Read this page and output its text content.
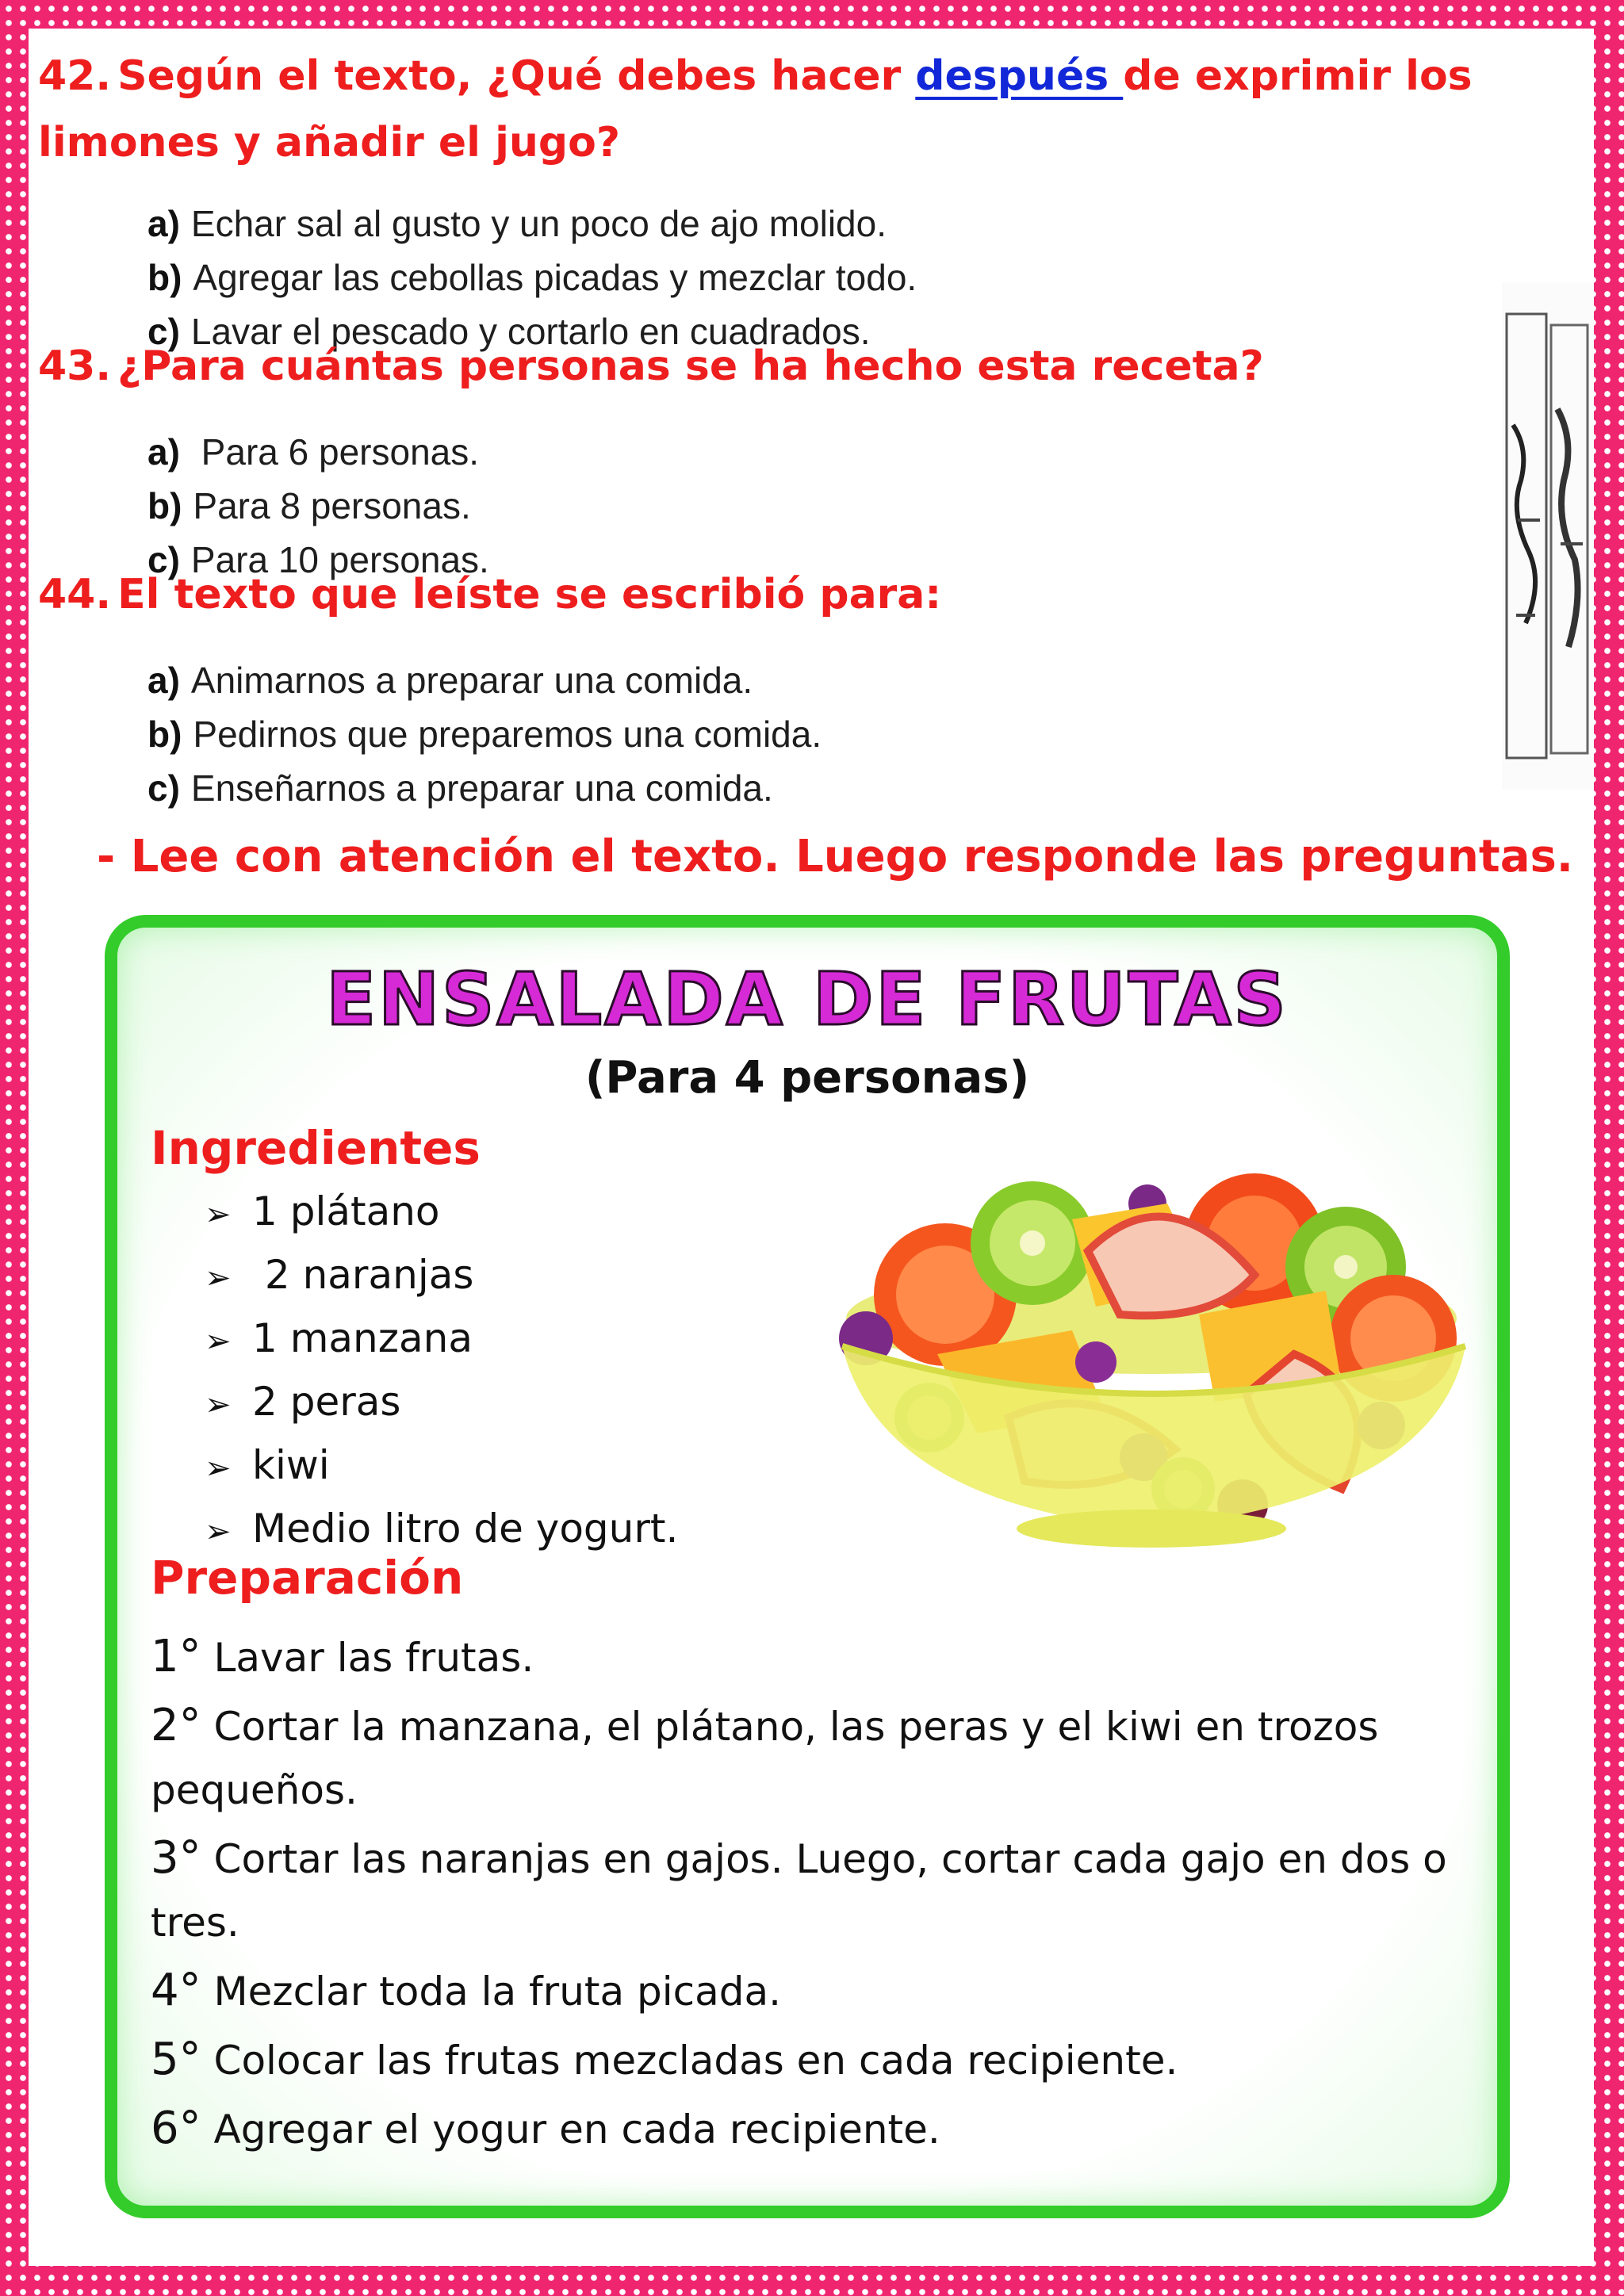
42. Según el texto, ¿Qué debes hacer después de exprimir los limones y añadir el jugo?
a) Echar sal al gusto y un poco de ajo molido.
b) Agregar las cebollas picadas y mezclar todo.
c) Lavar el pescado y cortarlo en cuadrados.
43. ¿Para cuántas personas se ha hecho esta receta?
a) Para 6 personas.
b) Para 8 personas.
c) Para 10 personas.
44. El texto que leíste se escribió para:
a) Animarnos a preparar una comida.
b) Pedirnos que preparemos una comida.
c) Enseñarnos a preparar una comida.
- Lee con atención el texto. Luego responde las preguntas.
ENSALADA DE FRUTAS
(Para 4 personas)
Ingredientes
➢ 1 plátano
➢ 2 naranjas
➢ 1 manzana
➢ 2 peras
➢ kiwi
➢ Medio litro de yogurt.
Preparación
1° Lavar las frutas.
2° Cortar la manzana, el plátano, las peras y el kiwi en trozos pequeños.
3° Cortar las naranjas en gajos. Luego, cortar cada gajo en dos o tres.
4° Mezclar toda la fruta picada.
5° Colocar las frutas mezcladas en cada recipiente.
6° Agregar el yogur en cada recipiente.
